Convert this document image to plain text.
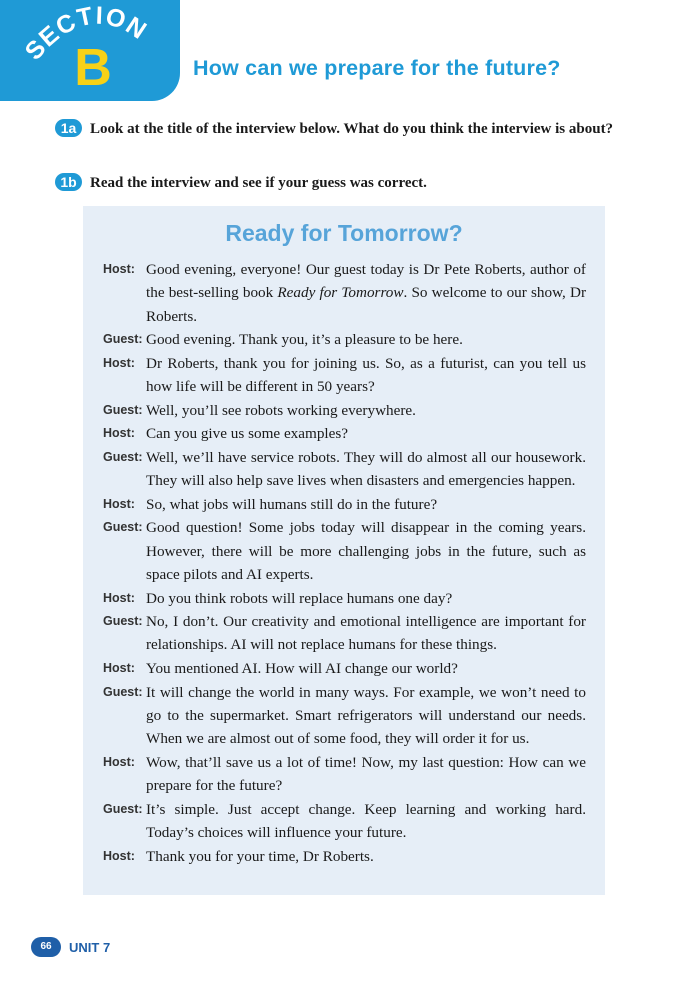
SECTION
B	How can we prepare for the future?
1a Look at the title of the interview below. What do you think the interview is about?
1b Read the interview and see if your guess was correct.
Ready for Tomorrow?
Host: Good evening, everyone! Our guest today is Dr Pete Roberts, author of the best-selling book Ready for Tomorrow. So welcome to our show, Dr Roberts.
Guest: Good evening. Thank you, it’s a pleasure to be here.
Host: Dr Roberts, thank you for joining us. So, as a futurist, can you tell us how life will be different in 50 years?
Guest: Well, you’ll see robots working everywhere.
Host: Can you give us some examples?
Guest: Well, we’ll have service robots. They will do almost all our housework. They will also help save lives when disasters and emergencies happen.
Host: So, what jobs will humans still do in the future?
Guest: Good question! Some jobs today will disappear in the coming years. However, there will be more challenging jobs in the future, such as space pilots and AI experts.
Host: Do you think robots will replace humans one day?
Guest: No, I don’t. Our creativity and emotional intelligence are important for relationships. AI will not replace humans for these things.
Host: You mentioned AI. How will AI change our world?
Guest: It will change the world in many ways. For example, we won’t need to go to the supermarket. Smart refrigerators will understand our needs. When we are almost out of some food, they will order it for us.
Host: Wow, that’ll save us a lot of time! Now, my last question: How can we prepare for the future?
Guest: It’s simple. Just accept change. Keep learning and working hard. Today’s choices will influence your future.
Host: Thank you for your time, Dr Roberts.
66	UNIT 7
